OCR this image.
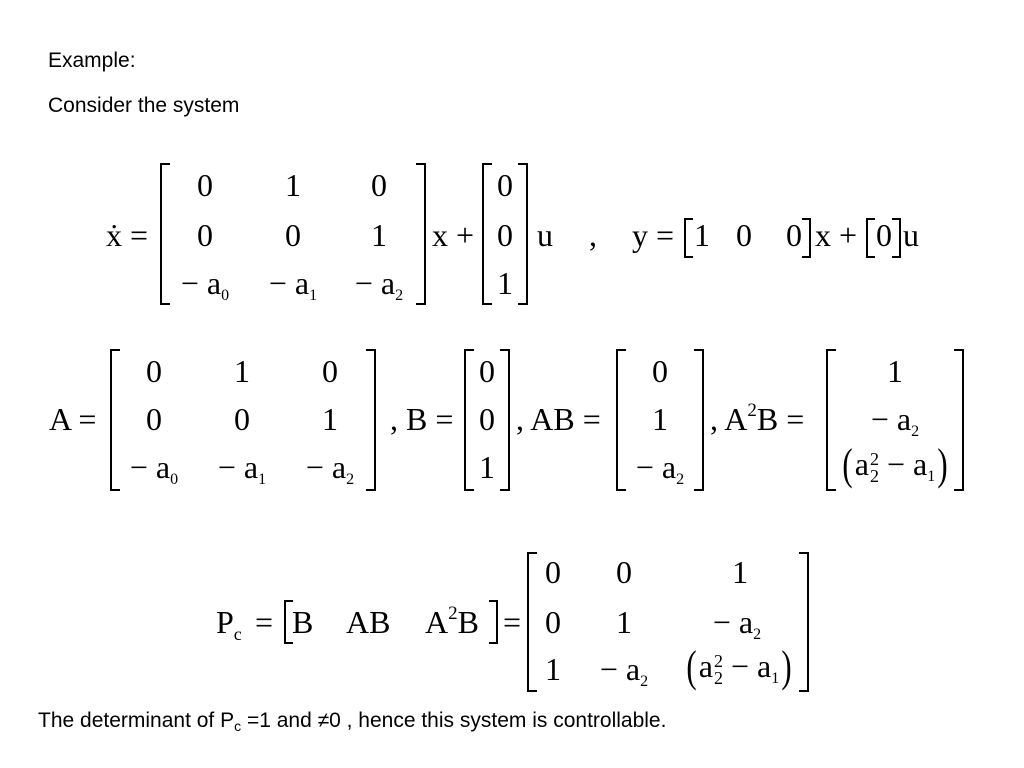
Example:
Consider the system
ẋ =
0 1 0
0 0 1
− $a_0 - a_1 - a_2$
x +
0
0
1
u , y = 1 0 0 x + 0 u
A =
0 1 0
0 0 1
− $a_0 - a_1 - a_2$
, B =
0
0
1
, AB =
0
1
− $a_2$
, $A^2B$ =
1
− $a_2$
(a 2
$2 - a_1$)
$P_c = B$ AB $A^2B$ =
0 0	1
0 1	− $a_2$
$1 - a_2$ (a 2
$2 - a_1$)
The determinant of $P_c =1$ and ≠0 , hence this system is controllable.
